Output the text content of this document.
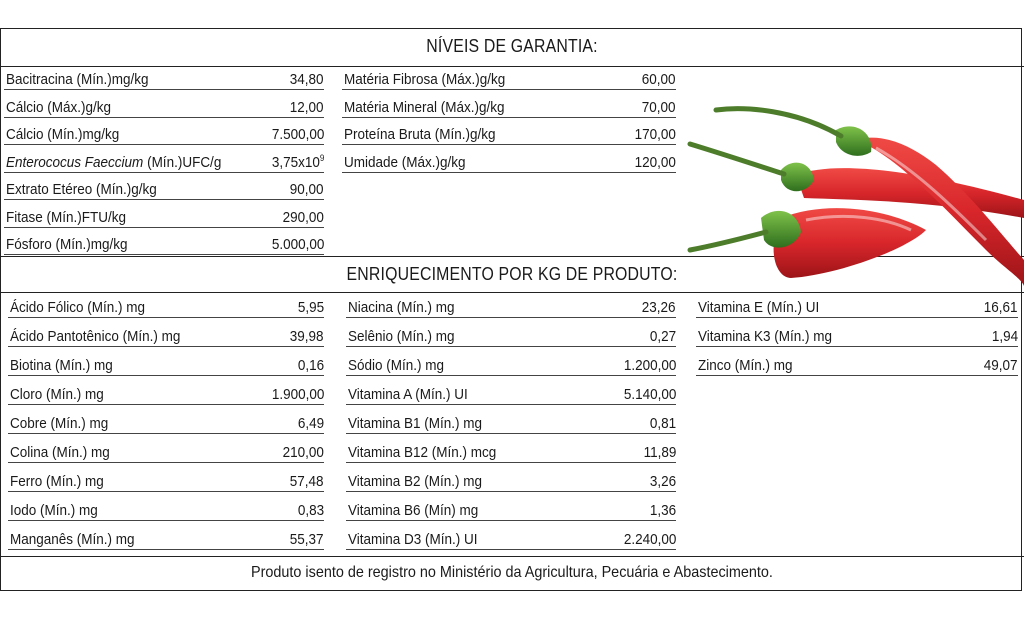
NÍVEIS DE GARANTIA:
ENRIQUECIMENTO POR KG DE PRODUTO:
Produto isento de registro no Ministério da Agricultura, Pecuária e Abastecimento.
Bacitracina (Mín.)mg/kg	34,80
Cálcio (Máx.)g/kg	12,00
Cálcio (Mín.)mg/kg	7.500,00
Enterococus Faeccium (Mín.)UFC/g	$3,75x10^9$
Extrato Etéreo (Mín.)g/kg	90,00
Fitase (Mín.)FTU/kg	290,00
Fósforo (Mín.)mg/kg	5.000,00
Matéria Fibrosa (Máx.)g/kg	60,00
Matéria Mineral (Máx.)g/kg	70,00
Proteína Bruta (Mín.)g/kg	170,00
Umidade (Máx.)g/kg	120,00
Ácido Fólico (Mín.) mg	5,95
Ácido Pantotênico (Mín.) mg	39,98
Biotina (Mín.) mg	0,16
Cloro (Mín.) mg	1.900,00
Cobre (Mín.) mg	6,49
Colina (Mín.) mg	210,00
Ferro (Mín.) mg	57,48
Iodo (Mín.) mg	0,83
Manganês (Mín.) mg	55,37
Niacina (Mín.) mg	23,26
Selênio (Mín.) mg	0,27
Sódio (Mín.) mg	1.200,00
Vitamina A (Mín.) UI	5.140,00
Vitamina B1 (Mín.) mg	0,81
Vitamina B12 (Mín.) mcg	11,89
Vitamina B2 (Mín.) mg	3,26
Vitamina B6 (Mín) mg	1,36
Vitamina D3 (Mín.) UI	2.240,00
Vitamina E (Mín.) UI	16,61
Vitamina K3 (Mín.) mg	1,94
Zinco (Mín.) mg	49,07
